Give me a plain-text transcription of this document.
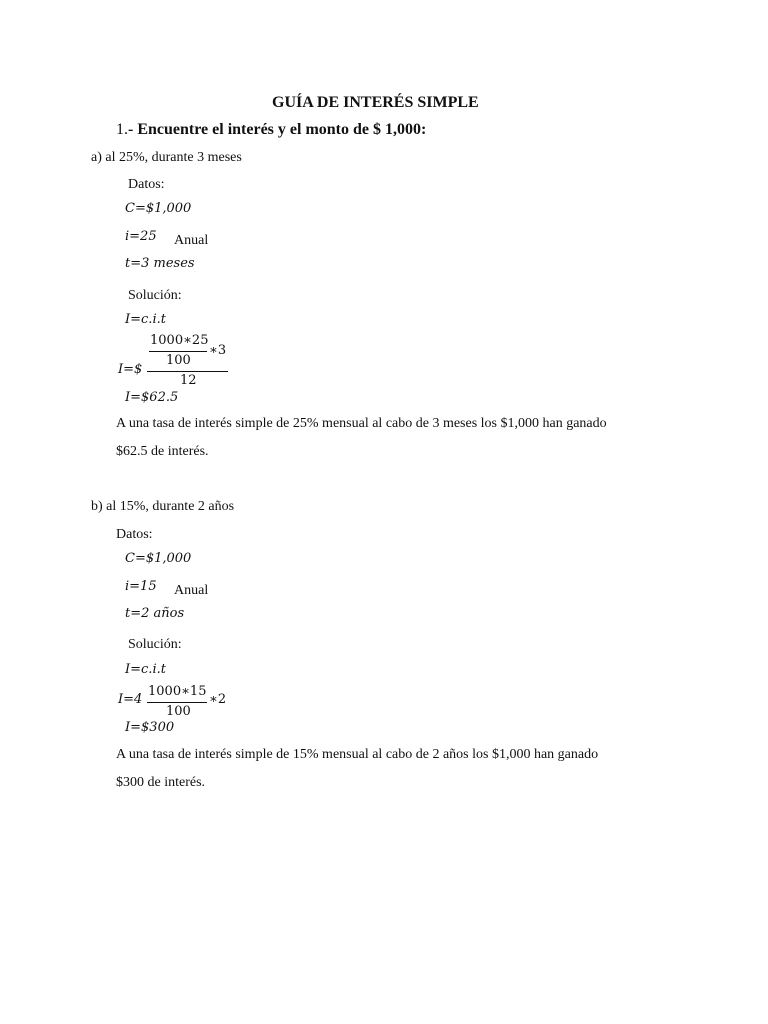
GUÍA DE INTERÉS SIMPLE
1.- Encuentre el interés y el monto de $ 1,000:
a) al 25%, durante 3 meses
Datos:
C=$1,000
i=25 Anual
t=3 meses
Solución:
I=c.i.t
I=$
1000∗25
100
∗3
12
I=$62.5
A una tasa de interés simple de 25% mensual al cabo de 3 meses los $1,000 han ganado
$62.5 de interés.
b) al 15%, durante 2 años
Datos:
C=$1,000
i=15 Anual
t=2 años
Solución:
I=c.i.t
I=4
1000∗15
100
∗2
I=$300
A una tasa de interés simple de 15% mensual al cabo de 2 años los $1,000 han ganado
$300 de interés.
